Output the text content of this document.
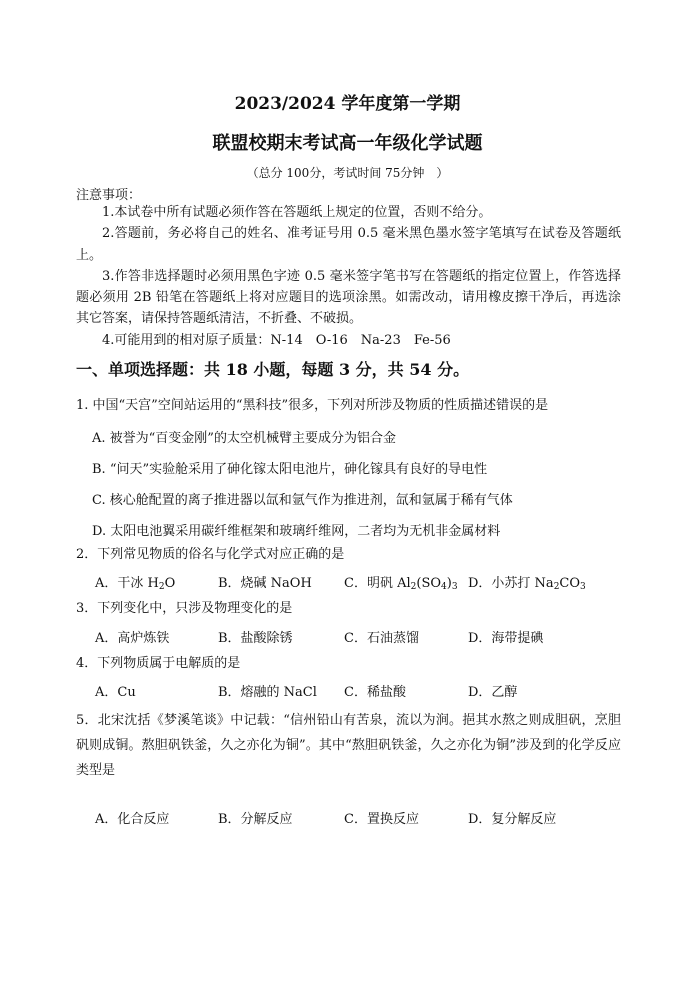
2023/2024 学年度第一学期
联盟校期末考试高一年级化学试题
（总分 100分，考试时间 75分钟　）
注意事项：

1.本试卷中所有试题必须作答在答题纸上规定的位置，否则不给分。

2.答题前，务必将自己的姓名、准考证号用 0.5 毫米黑色墨水签字笔填写在试卷及答题纸上。

3.作答非选择题时必须用黑色字迹 0.5 毫米签字笔书写在答题纸的指定位置上，作答选择题必须用 2B 铅笔在答题纸上将对应题目的选项涂黑。如需改动，请用橡皮擦干净后，再选涂其它答案，请保持答题纸清洁，不折叠、不破损。

4.可能用到的相对原子质量：N-14　O-16　Na-23　Fe-56

一、单项选择题：共 18 小题，每题 3 分，共 54 分。

1. 中国“天宫”空间站运用的“黑科技”很多，下列对所涉及物质的性质描述错误的是

A. 被誉为“百变金刚”的太空机械臂主要成分为铝合金
B. “问天”实验舱采用了砷化镓太阳电池片，砷化镓具有良好的导电性
C. 核心舱配置的离子推进器以氙和氩气作为推进剂，氙和氩属于稀有气体
D. 太阳电池翼采用碳纤维框架和玻璃纤维网，二者均为无机非金属材料

2．下列常见物质的俗名与化学式对应正确的是

A．干冰 $H_2O$	B．烧碱 NaOH C．明矾 $Al_2(SO_4)_3$ D．小苏打 $Na_2CO_3$

3．下列变化中，只涉及物理变化的是

A．高炉炼铁	B．盐酸除锈	C．石油蒸馏	D．海带提碘

4．下列物质属于电解质的是

A．Cu	B．熔融的 NaCl C．稀盐酸	D．乙醇

5．北宋沈括《梦溪笔谈》中记载：“信州铅山有苦泉，流以为涧。挹其水熬之则成胆矾，烹胆矾则成铜。熬胆矾铁釜，久之亦化为铜”。其中“熬胆矾铁釜，久之亦化为铜”涉及到的化学反应类型是

A．化合反应	B．分解反应	C．置换反应	D．复分解反应
